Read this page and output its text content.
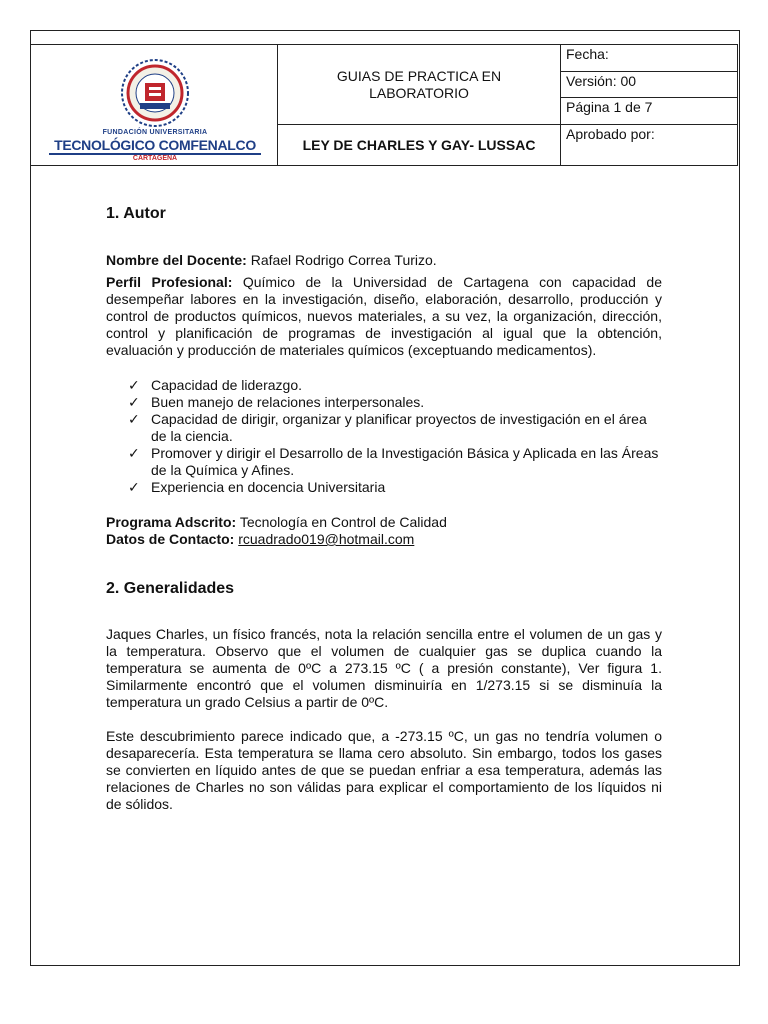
FUNDACIÓN UNIVERSITARIA
TECNOLÓGICO COMFENALCO
CARTAGENA
GUIAS DE PRACTICA EN LABORATORIO
LEY DE CHARLES Y GAY- LUSSAC
Fecha:
Versión: 00
Página 1 de 7
Aprobado por:
1. Autor

Nombre del Docente: Rafael Rodrigo Correa Turizo.

Perfil Profesional: Químico de la Universidad de Cartagena con capacidad de desempeñar labores en la investigación, diseño, elaboración, desarrollo, producción y control de productos químicos, nuevos materiales, a su vez, la organización, dirección, control y planificación de programas de investigación al igual que la obtención, evaluación y producción de materiales químicos (exceptuando medicamentos).

✓ Capacidad de liderazgo.
✓ Buen manejo de relaciones interpersonales.
✓ Capacidad de dirigir, organizar y planificar proyectos de investigación en el área de la ciencia.
✓ Promover y dirigir el Desarrollo de la Investigación Básica y Aplicada en las Áreas de la Química y Afines.
✓ Experiencia en docencia Universitaria

Programa Adscrito: Tecnología en Control de Calidad

Datos de Contacto: rcuadrado019@hotmail.com

2. Generalidades

Jaques Charles, un físico francés, nota la relación sencilla entre el volumen de un gas y la temperatura. Observo que el volumen de cualquier gas se duplica cuando la temperatura se aumenta de 0ºC a 273.15 ºC ( a presión constante), Ver figura 1. Similarmente encontró que el volumen disminuiría en 1/273.15 si se disminuía la temperatura un grado Celsius a partir de 0ºC.

Este descubrimiento parece indicado que, a -273.15 ºC, un gas no tendría volumen o desaparecería. Esta temperatura se llama cero absoluto. Sin embargo, todos los gases se convierten en líquido antes de que se puedan enfriar a esa temperatura, además las relaciones de Charles no son válidas para explicar el comportamiento de los líquidos ni de sólidos.
